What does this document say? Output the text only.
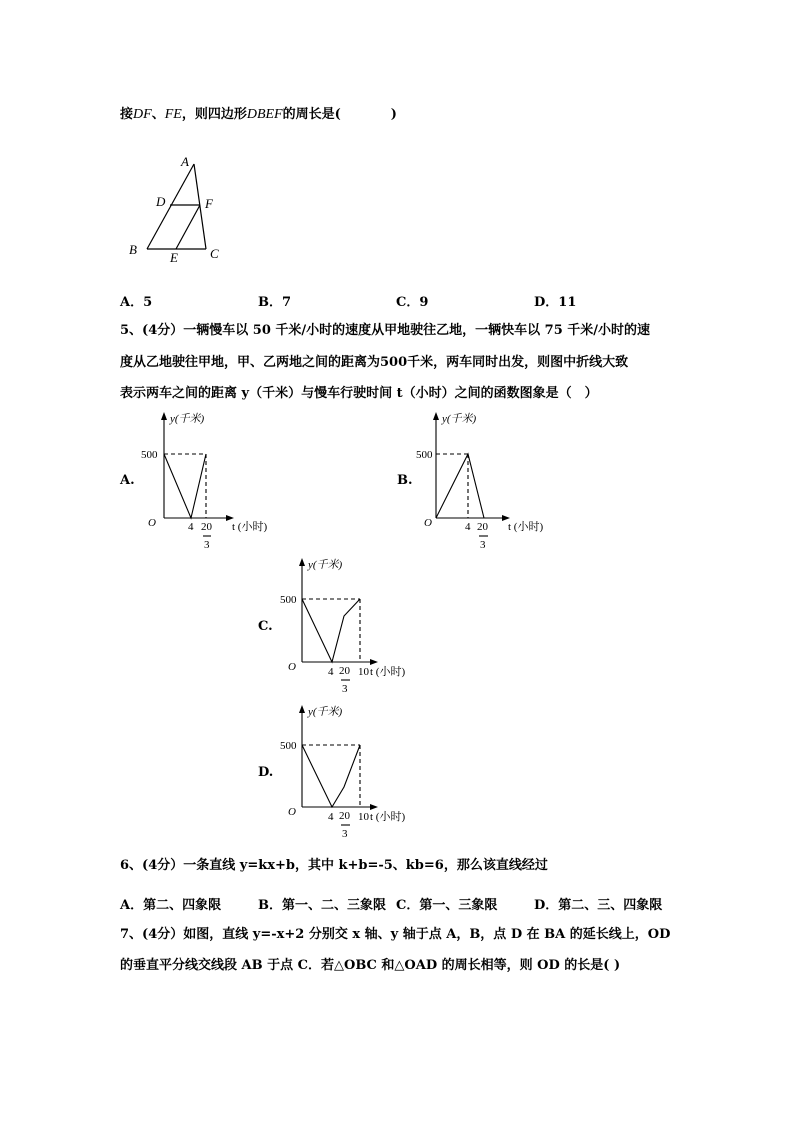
接DF、FE，则四边形DBEF的周长是(	)
A
D	F
B
E C
A．5	B．7	C．9	D．11
5、(4分）一辆慢车以 50 千米/小时的速度从甲地驶往乙地，一辆快车以 75 千米/小时的速
度从乙地驶往甲地，甲、乙两地之间的距离为500千米，两车同时出发，则图中折线大致
表示两车之间的距离 y（千米）与慢车行驶时间 t（小时）之间的函数图象是（　）
A.
y(千米)
500
O	4 20
3
t (小时)
B.
y(千米)
500
O	4 20
3
t (小时)
C.
y(千米)
500
O	4 20
3
10 t (小时)
D.
y(千米)
500
O	4 20
3
10 t (小时)
6、(4分）一条直线 y=kx+b，其中 k+b=-5、kb=6，那么该直线经过
A．第二、四象限	B．第一、二、三象限 C．第一、三象限	D．第二、三、四象限
7、(4分）如图，直线 y=-x+2 分别交 x 轴、y 轴于点 A，B，点 D 在 BA 的延长线上，OD
的垂直平分线交线段 AB 于点 C．若△OBC 和△OAD 的周长相等，则 OD 的长是( )
